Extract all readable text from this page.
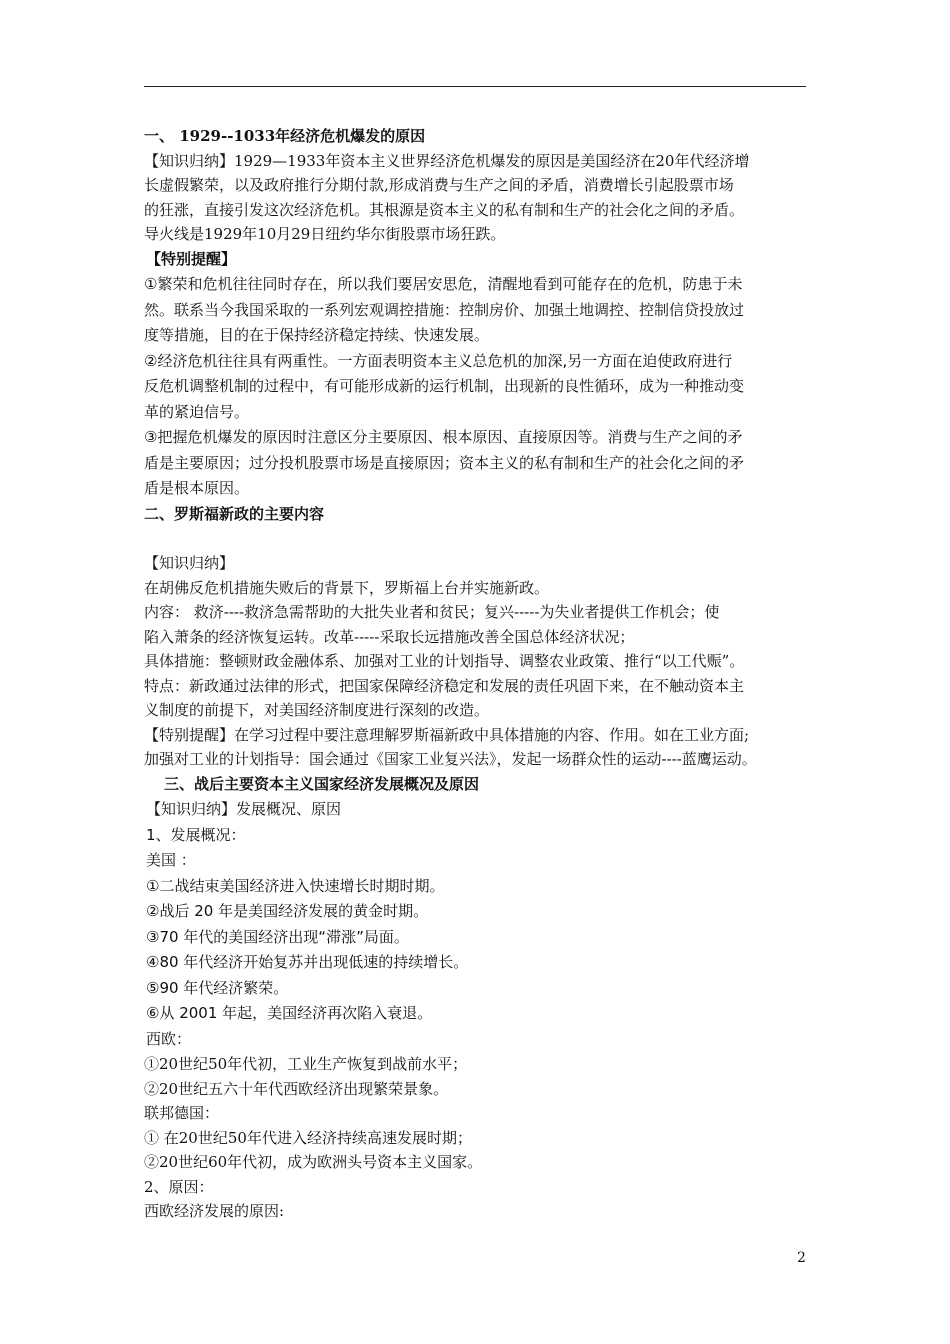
一、 1929--1033年经济危机爆发的原因
【知识归纳】1929—1933年资本主义世界经济危机爆发的原因是美国经济在20年代经济增
长虚假繁荣，以及政府推行分期付款,形成消费与生产之间的矛盾，消费增长引起股票市场
的狂涨，直接引发这次经济危机。其根源是资本主义的私有制和生产的社会化之间的矛盾。
导火线是1929年10月29日纽约华尔街股票市场狂跌。
【特别提醒】
①繁荣和危机往往同时存在，所以我们要居安思危，清醒地看到可能存在的危机，防患于未
然。联系当今我国采取的一系列宏观调控措施：控制房价、加强土地调控、控制信贷投放过
度等措施，目的在于保持经济稳定持续、快速发展。
②经济危机往往具有两重性。一方面表明资本主义总危机的加深,另一方面在迫使政府进行
反危机调整机制的过程中，有可能形成新的运行机制，出现新的良性循环，成为一种推动变
革的紧迫信号。
③把握危机爆发的原因时注意区分主要原因、根本原因、直接原因等。消费与生产之间的矛
盾是主要原因；过分投机股票市场是直接原因；资本主义的私有制和生产的社会化之间的矛
盾是根本原因。
二、罗斯福新政的主要内容
【知识归纳】
在胡佛反危机措施失败后的背景下，罗斯福上台并实施新政。
内容： 救济----救济急需帮助的大批失业者和贫民；复兴-----为失业者提供工作机会；使
陷入萧条的经济恢复运转。改革-----采取长远措施改善全国总体经济状况；
具体措施：整顿财政金融体系、加强对工业的计划指导、调整农业政策、推行“以工代赈”。
特点：新政通过法律的形式，把国家保障经济稳定和发展的责任巩固下来，在不触动资本主
义制度的前提下，对美国经济制度进行深刻的改造。
【特别提醒】在学习过程中要注意理解罗斯福新政中具体措施的内容、作用。如在工业方面;
加强对工业的计划指导：国会通过《国家工业复兴法》，发起一场群众性的运动----蓝鹰运动。
三、战后主要资本主义国家经济发展概况及原因
【知识归纳】发展概况、原因
1、发展概况：
美国 ：
①二战结束美国经济进入快速增长时期时期。
②战后 20 年是美国经济发展的黄金时期。
③70 年代的美国经济出现“滞涨”局面。
④80 年代经济开始复苏并出现低速的持续增长。
⑤90 年代经济繁荣。
⑥从 2001 年起，美国经济再次陷入衰退。
西欧：
①20世纪50年代初，工业生产恢复到战前水平；
②20世纪五六十年代西欧经济出现繁荣景象。
联邦德国：
① 在20世纪50年代进入经济持续高速发展时期；
②20世纪60年代初，成为欧洲头号资本主义国家。
2、原因：
西欧经济发展的原因:
2
